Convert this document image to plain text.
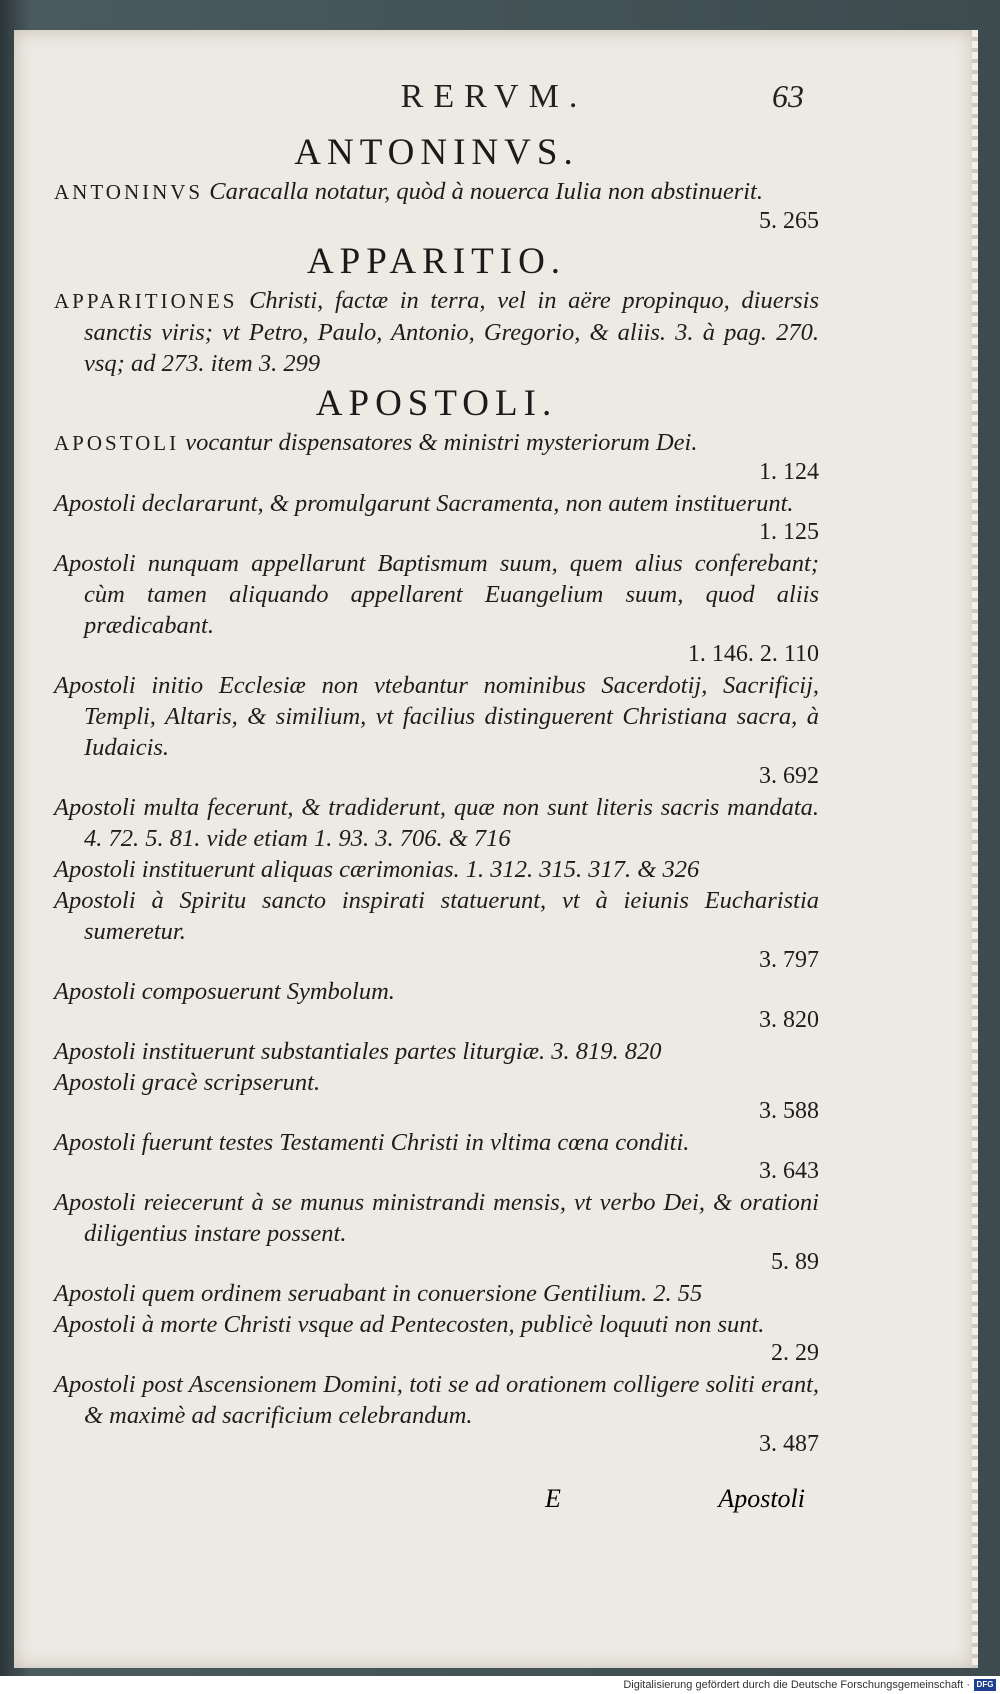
RERVM.	63
ANTONINVS.

ANTONINVS Caracalla notatur, quòd à nouerca Iulia non abstinuerit.
5. 265

APPARITIO.

APPARITIONES Christi, factæ in terra, vel in aëre propinquo, diuersis sanctis viris; vt Petro, Paulo, Antonio, Gregorio, & aliis. 3. à pag. 270. vsq; ad 273. item 3. 299

APOSTOLI.

APOSTOLI vocantur dispensatores & ministri mysteriorum Dei.
1. 124

Apostoli declararunt, & promulgarunt Sacramenta, non autem instituerunt.
1. 125

Apostoli nunquam appellarunt Baptismum suum, quem alius conferebant; cùm tamen aliquando appellarent Euangelium suum, quod aliis prædicabant.
1. 146. 2. 110

Apostoli initio Ecclesiæ non vtebantur nominibus Sacerdotij, Sacrificij, Templi, Altaris, & similium, vt facilius distinguerent Christiana sacra, à Iudaicis.
3. 692

Apostoli multa fecerunt, & tradiderunt, quæ non sunt literis sacris mandata. 4. 72. 5. 81. vide etiam 1. 93. 3. 706. & 716

Apostoli instituerunt aliquas cærimonias. 1. 312. 315. 317. & 326

Apostoli à Spiritu sancto inspirati statuerunt, vt à ieiunis Eucharistia sumeretur.
3. 797

Apostoli composuerunt Symbolum.
3. 820

Apostoli instituerunt substantiales partes liturgiæ. 3. 819. 820

Apostoli gracè scripserunt.
3. 588

Apostoli fuerunt testes Testamenti Christi in vltima cœna conditi.
3. 643

Apostoli reiecerunt à se munus ministrandi mensis, vt verbo Dei, & orationi diligentius instare possent.
5. 89

Apostoli quem ordinem seruabant in conuersione Gentilium. 2. 55

Apostoli à morte Christi vsque ad Pentecosten, publicè loquuti non sunt.
2. 29

Apostoli post Ascensionem Domini, toti se ad orationem colligere soliti erant, & maximè ad sacrificium celebrandum.
3. 487

E	Apostoli
Digitalisierung gefördert durch die Deutsche Forschungsgemeinschaft · DFG
